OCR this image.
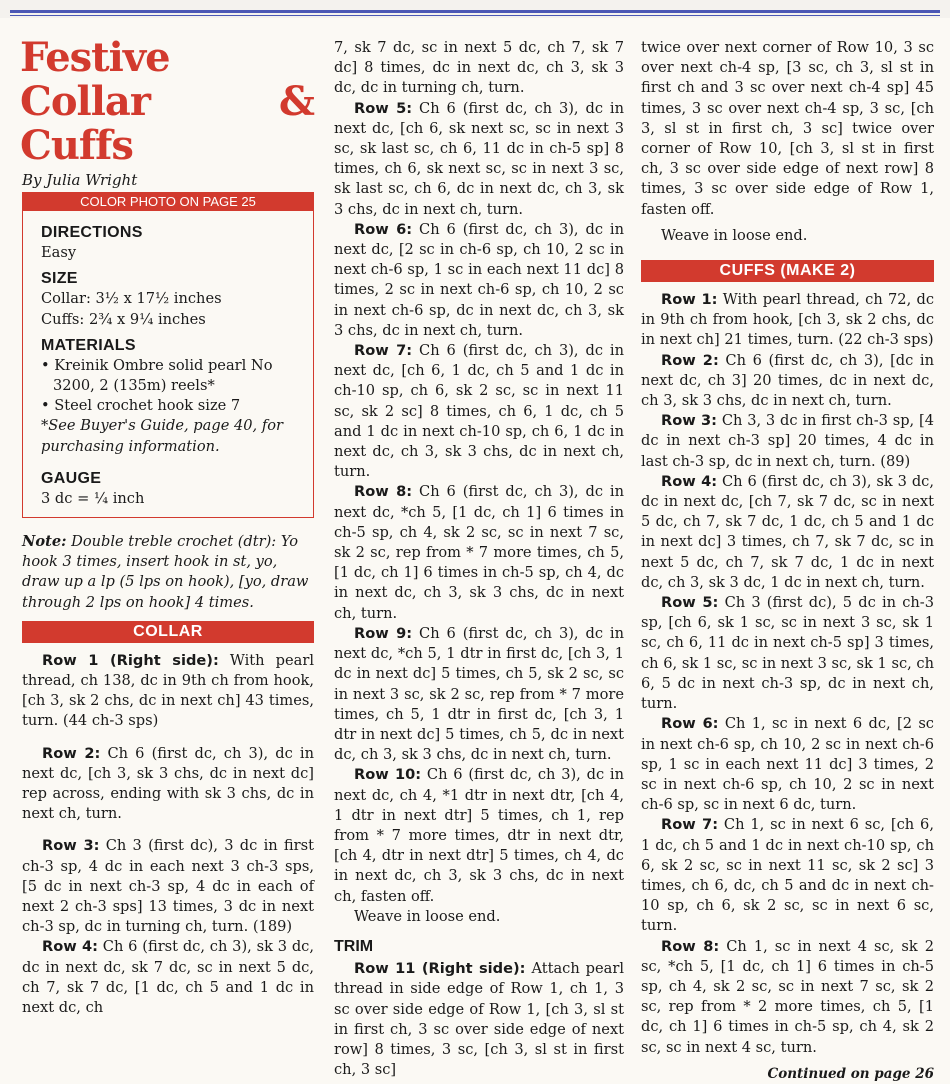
Festive
Collar & Cuffs
By Julia Wright
COLOR PHOTO ON PAGE 25
DIRECTIONS

Easy

SIZE

Collar: 3½ x 17½ inches

Cuffs: 2¾ x 9¼ inches

MATERIALS

• Kreinik Ombre solid pearl No 3200, 2 (135m) reels*

• Steel crochet hook size 7

*See Buyer's Guide, page 40, for purchasing information.

GAUGE

3 dc = ¼ inch

Note: Double treble crochet (dtr): Yo hook 3 times, insert hook in st, yo, draw up a lp (5 lps on hook), [yo, draw through 2 lps on hook] 4 times.

COLLAR

Row 1 (Right side): With pearl thread, ch 138, dc in 9th ch from hook, [ch 3, sk 2 chs, dc in next ch] 43 times, turn. (44 ch-3 sps)

Row 2: Ch 6 (first dc, ch 3), dc in next dc, [ch 3, sk 3 chs, dc in next dc] rep across, ending with sk 3 chs, dc in next ch, turn.

Row 3: Ch 3 (first dc), 3 dc in first ch-3 sp, 4 dc in each next 3 ch-3 sps, [5 dc in next ch-3 sp, 4 dc in each of next 2 ch-3 sps] 13 times, 3 dc in next ch-3 sp, dc in turning ch, turn. (189)

Row 4: Ch 6 (first dc, ch 3), sk 3 dc, dc in next dc, sk 7 dc, sc in next 5 dc, ch 7, sk 7 dc, [1 dc, ch 5 and 1 dc in next dc, ch

7, sk 7 dc, sc in next 5 dc, ch 7, sk 7 dc] 8 times, dc in next dc, ch 3, sk 3 dc, dc in turning ch, turn.

Row 5: Ch 6 (first dc, ch 3), dc in next dc, [ch 6, sk next sc, sc in next 3 sc, sk last sc, ch 6, 11 dc in ch-5 sp] 8 times, ch 6, sk next sc, sc in next 3 sc, sk last sc, ch 6, dc in next dc, ch 3, sk 3 chs, dc in next ch, turn.

Row 6: Ch 6 (first dc, ch 3), dc in next dc, [2 sc in ch-6 sp, ch 10, 2 sc in next ch-6 sp, 1 sc in each next 11 dc] 8 times, 2 sc in next ch-6 sp, ch 10, 2 sc in next ch-6 sp, dc in next dc, ch 3, sk 3 chs, dc in next ch, turn.

Row 7: Ch 6 (first dc, ch 3), dc in next dc, [ch 6, 1 dc, ch 5 and 1 dc in ch-10 sp, ch 6, sk 2 sc, sc in next 11 sc, sk 2 sc] 8 times, ch 6, 1 dc, ch 5 and 1 dc in next ch-10 sp, ch 6, 1 dc in next dc, ch 3, sk 3 chs, dc in next ch, turn.

Row 8: Ch 6 (first dc, ch 3), dc in next dc, *ch 5, [1 dc, ch 1] 6 times in ch-5 sp, ch 4, sk 2 sc, sc in next 7 sc, sk 2 sc, rep from * 7 more times, ch 5, [1 dc, ch 1] 6 times in ch-5 sp, ch 4, dc in next dc, ch 3, sk 3 chs, dc in next ch, turn.

Row 9: Ch 6 (first dc, ch 3), dc in next dc, *ch 5, 1 dtr in first dc, [ch 3, 1 dc in next dc] 5 times, ch 5, sk 2 sc, sc in next 3 sc, sk 2 sc, rep from * 7 more times, ch 5, 1 dtr in first dc, [ch 3, 1 dtr in next dc] 5 times, ch 5, dc in next dc, ch 3, sk 3 chs, dc in next ch, turn.

Row 10: Ch 6 (first dc, ch 3), dc in next dc, ch 4, *1 dtr in next dtr, [ch 4, 1 dtr in next dtr] 5 times, ch 1, rep from * 7 more times, dtr in next dtr, [ch 4, dtr in next dtr] 5 times, ch 4, dc in next dc, ch 3, sk 3 chs, dc in next ch, fasten off.

Weave in loose end.

TRIM

Row 11 (Right side): Attach pearl thread in side edge of Row 1, ch 1, 3 sc over side edge of Row 1, [ch 3, sl st in first ch, 3 sc over side edge of next row] 8 times, 3 sc, [ch 3, sl st in first ch, 3 sc]

twice over next corner of Row 10, 3 sc over next ch-4 sp, [3 sc, ch 3, sl st in first ch and 3 sc over next ch-4 sp] 45 times, 3 sc over next ch-4 sp, 3 sc, [ch 3, sl st in first ch, 3 sc] twice over corner of Row 10, [ch 3, sl st in first ch, 3 sc over side edge of next row] 8 times, 3 sc over side edge of Row 1, fasten off.

Weave in loose end.

CUFFS (MAKE 2)

Row 1: With pearl thread, ch 72, dc in 9th ch from hook, [ch 3, sk 2 chs, dc in next ch] 21 times, turn. (22 ch-3 sps)

Row 2: Ch 6 (first dc, ch 3), [dc in next dc, ch 3] 20 times, dc in next dc, ch 3, sk 3 chs, dc in next ch, turn.

Row 3: Ch 3, 3 dc in first ch-3 sp, [4 dc in next ch-3 sp] 20 times, 4 dc in last ch-3 sp, dc in next ch, turn. (89)

Row 4: Ch 6 (first dc, ch 3), sk 3 dc, dc in next dc, [ch 7, sk 7 dc, sc in next 5 dc, ch 7, sk 7 dc, 1 dc, ch 5 and 1 dc in next dc] 3 times, ch 7, sk 7 dc, sc in next 5 dc, ch 7, sk 7 dc, 1 dc in next dc, ch 3, sk 3 dc, 1 dc in next ch, turn.

Row 5: Ch 3 (first dc), 5 dc in ch-3 sp, [ch 6, sk 1 sc, sc in next 3 sc, sk 1 sc, ch 6, 11 dc in next ch-5 sp] 3 times, ch 6, sk 1 sc, sc in next 3 sc, sk 1 sc, ch 6, 5 dc in next ch-3 sp, dc in next ch, turn.

Row 6: Ch 1, sc in next 6 dc, [2 sc in next ch-6 sp, ch 10, 2 sc in next ch-6 sp, 1 sc in each next 11 dc] 3 times, 2 sc in next ch-6 sp, ch 10, 2 sc in next ch-6 sp, sc in next 6 dc, turn.

Row 7: Ch 1, sc in next 6 sc, [ch 6, 1 dc, ch 5 and 1 dc in next ch-10 sp, ch 6, sk 2 sc, sc in next 11 sc, sk 2 sc] 3 times, ch 6, dc, ch 5 and dc in next ch-10 sp, ch 6, sk 2 sc, sc in next 6 sc, turn.

Row 8: Ch 1, sc in next 4 sc, sk 2 sc, *ch 5, [1 dc, ch 1] 6 times in ch-5 sp, ch 4, sk 2 sc, sc in next 7 sc, sk 2 sc, rep from * 2 more times, ch 5, [1 dc, ch 1] 6 times in ch-5 sp, ch 4, sk 2 sc, sc in next 4 sc, turn.

Continued on page 26
